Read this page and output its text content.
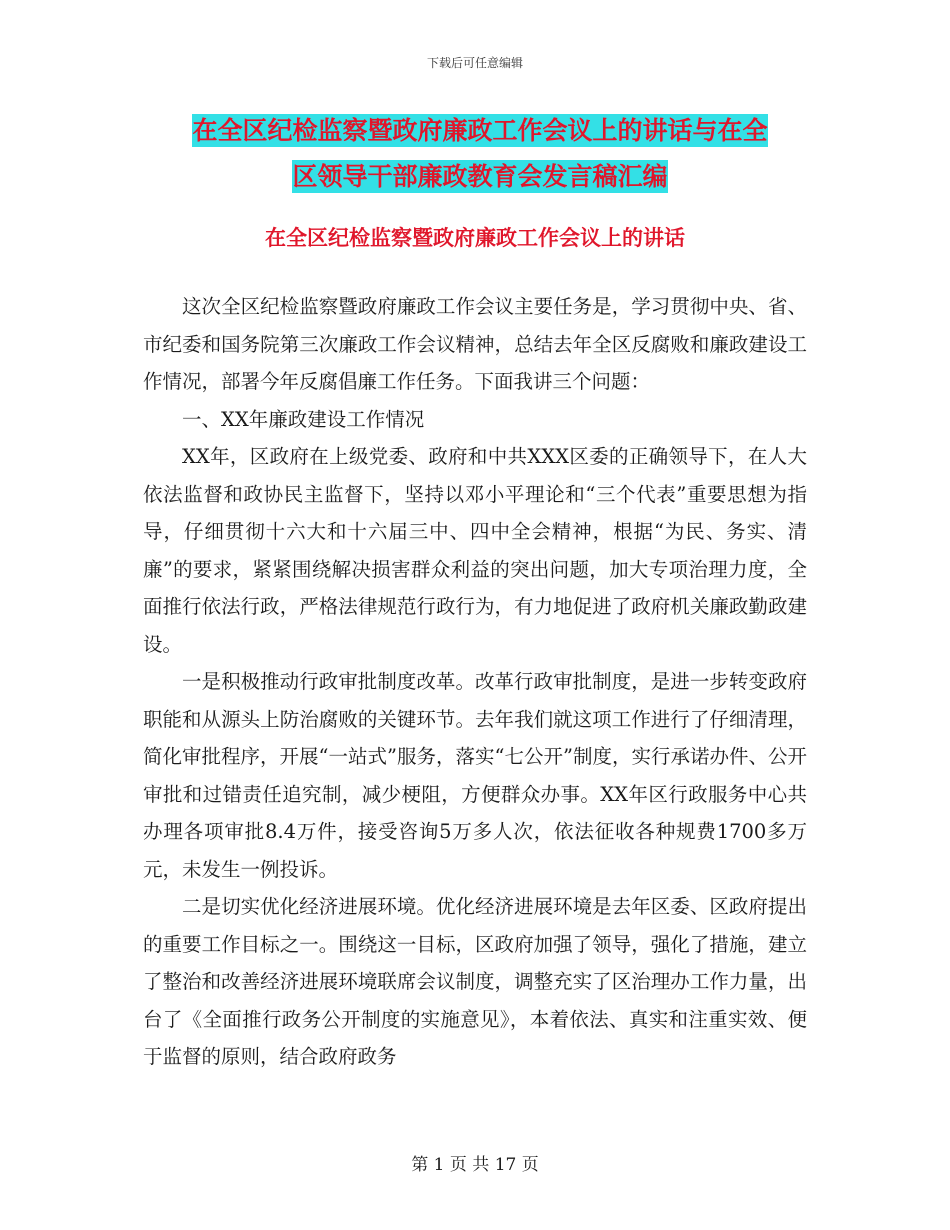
下载后可任意编辑
在全区纪检监察暨政府廉政工作会议上的讲话与在全
区领导干部廉政教育会发言稿汇编
在全区纪检监察暨政府廉政工作会议上的讲话

这次全区纪检监察暨政府廉政工作会议主要任务是，学习贯彻中央、省、市纪委和国务院第三次廉政工作会议精神，总结去年全区反腐败和廉政建设工作情况，部署今年反腐倡廉工作任务。下面我讲三个问题：

一、XX年廉政建设工作情况

XX年，区政府在上级党委、政府和中共XXX区委的正确领导下，在人大依法监督和政协民主监督下，坚持以邓小平理论和“三个代表”重要思想为指导，仔细贯彻十六大和十六届三中、四中全会精神，根据“为民、务实、清廉”的要求，紧紧围绕解决损害群众利益的突出问题，加大专项治理力度，全面推行依法行政，严格法律规范行政行为，有力地促进了政府机关廉政勤政建设。

一是积极推动行政审批制度改革。改革行政审批制度，是进一步转变政府职能和从源头上防治腐败的关键环节。去年我们就这项工作进行了仔细清理，简化审批程序，开展“一站式”服务，落实“七公开”制度，实行承诺办件、公开审批和过错责任追究制，减少梗阻，方便群众办事。XX年区行政服务中心共办理各项审批8.4万件，接受咨询5万多人次，依法征收各种规费1700多万元，未发生一例投诉。

二是切实优化经济进展环境。优化经济进展环境是去年区委、区政府提出的重要工作目标之一。围绕这一目标，区政府加强了领导，强化了措施，建立了整治和改善经济进展环境联席会议制度，调整充实了区治理办工作力量，出台了《全面推行政务公开制度的实施意见》，本着依法、真实和注重实效、便于监督的原则，结合政府政务

第 1 页 共 17 页
